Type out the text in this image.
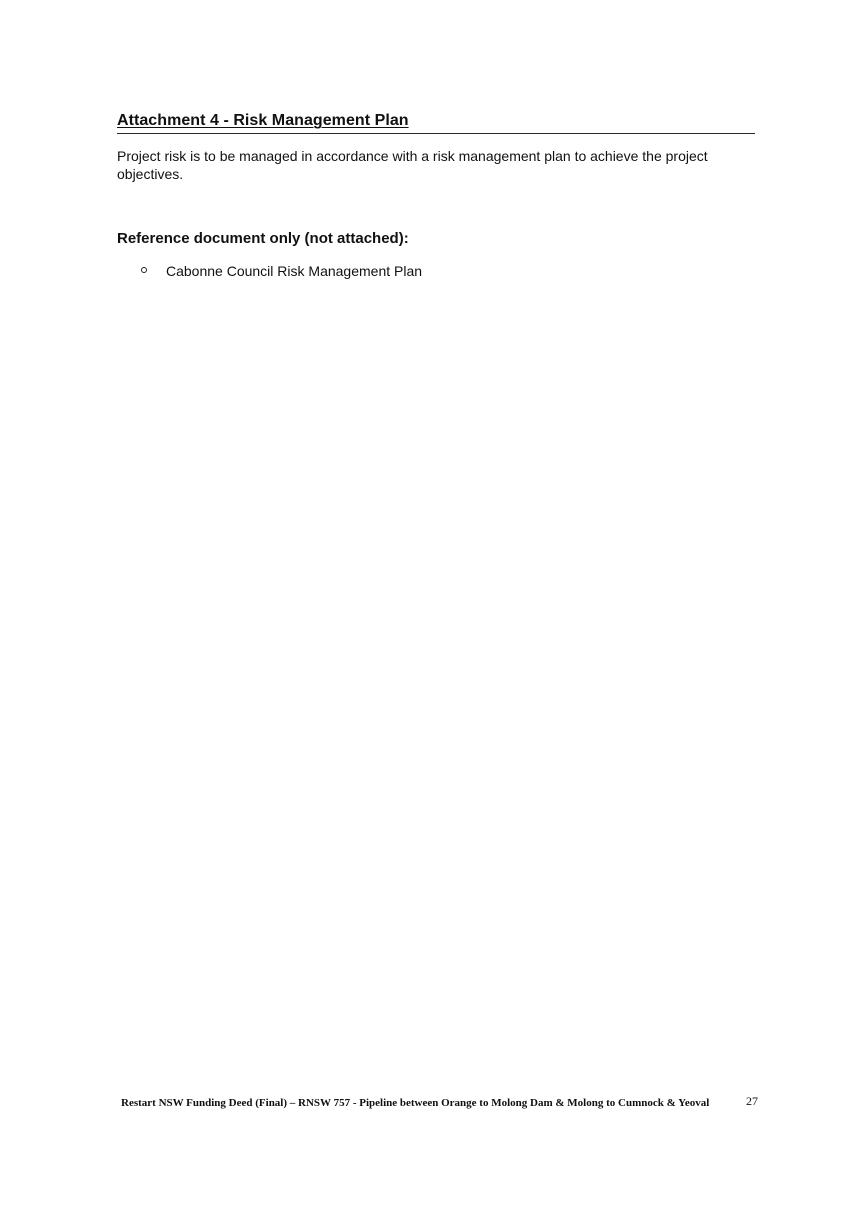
Attachment 4 - Risk Management Plan

Project risk is to be managed in accordance with a risk management plan to achieve the project objectives.

Reference document only (not attached):

Cabonne Council Risk Management Plan

Restart NSW Funding Deed (Final) – RNSW 757 - Pipeline between Orange to Molong Dam & Molong to Cumnock & Yeoval	27
